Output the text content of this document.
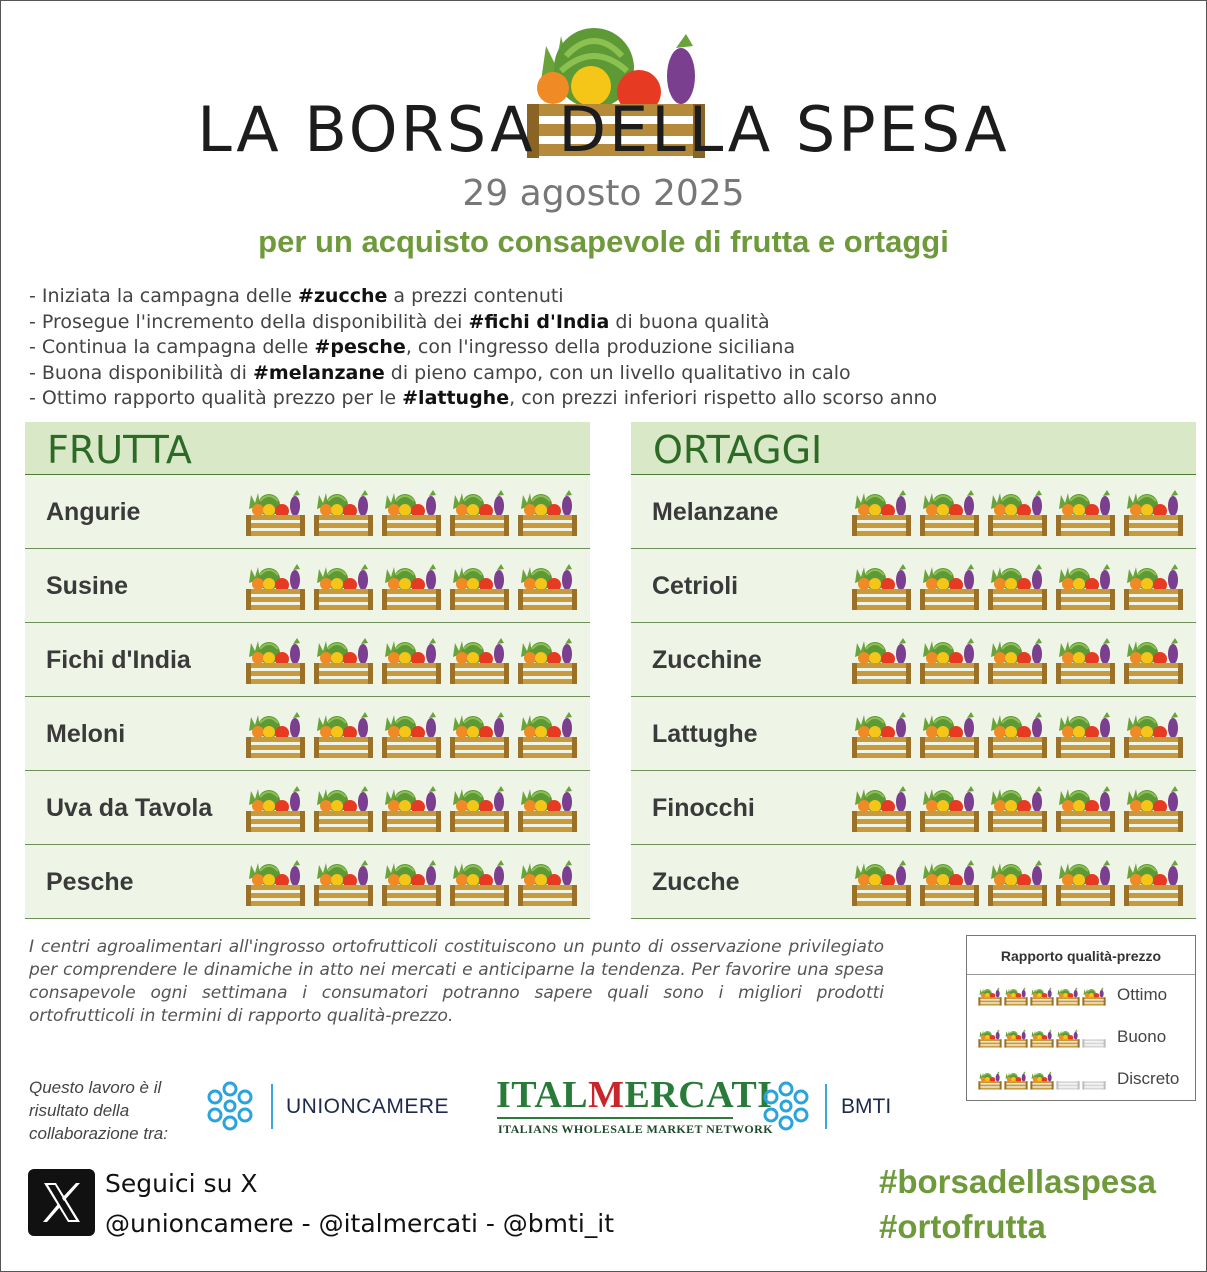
LA BORSA DELLA SPESA
29 agosto 2025
per un acquisto consapevole di frutta e ortaggi
- Iniziata la campagna delle #zucche a prezzi contenuti
- Prosegue l'incremento della disponibilità dei #fichi d'India di buona qualità
- Continua la campagna delle #pesche, con l'ingresso della produzione siciliana
- Buona disponibilità di #melanzane di pieno campo, con un livello qualitativo in calo
- Ottimo rapporto qualità prezzo per le #lattughe, con prezzi inferiori rispetto allo scorso anno
FRUTTA
Angurie
Susine
Fichi d'India
Meloni
Uva da Tavola
Pesche
ORTAGGI
Melanzane
Cetrioli
Zucchine
Lattughe
Finocchi
Zucche
I centri agroalimentari all'ingrosso ortofrutticoli costituiscono un punto di osservazione privilegiato per comprendere le dinamiche in atto nei mercati e anticiparne la tendenza. Per favorire una spesa consapevole ogni settimana i consumatori potranno sapere quali sono i migliori prodotti ortofrutticoli in termini di rapporto qualità-prezzo.
Rapporto qualità-prezzo
Ottimo
Buono
Discreto
Questo lavoro è il risultato della collaborazione tra:
UNIONCAMERE ITALMERCATI
ITALIANS WHOLESALE MARKET NETWORK
BMTI
Seguici su X
@unioncamere - @italmercati - @bmti_it
#borsadellaspesa
#ortofrutta
